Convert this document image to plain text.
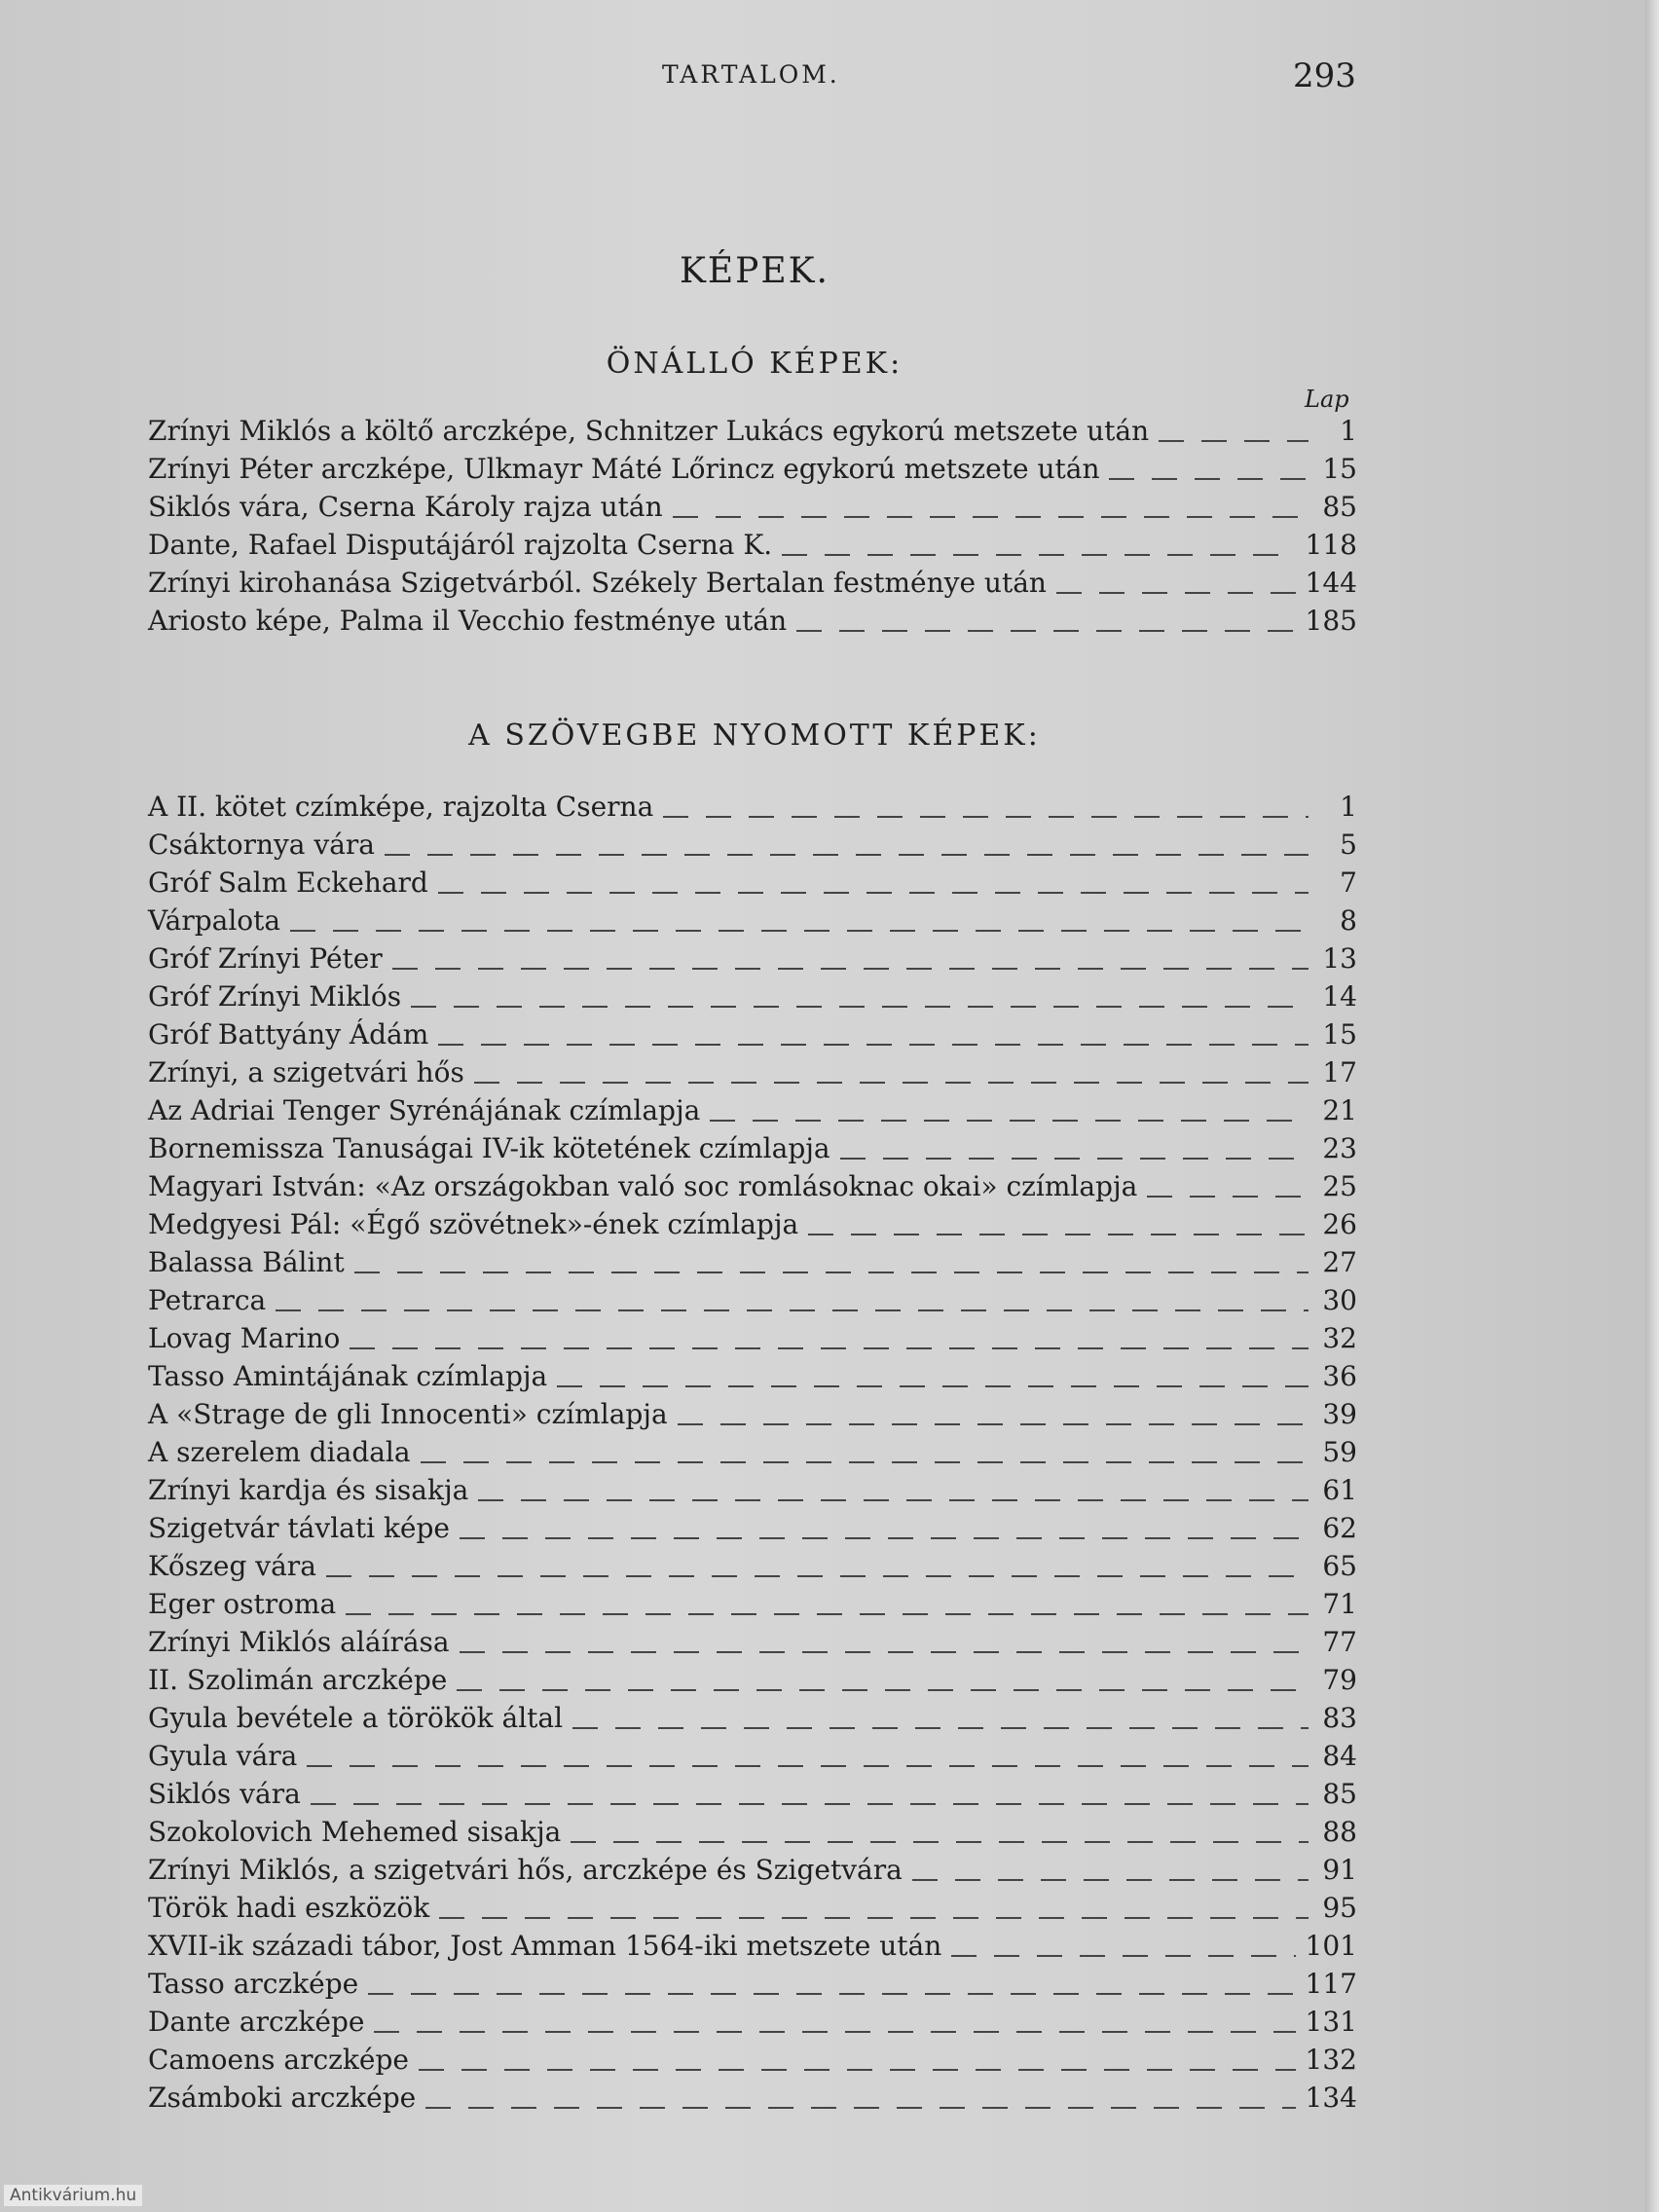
TARTALOM.	293
KÉPEK.
ÖNÁLLÓ KÉPEK:
Lap
Zrínyi Miklós a költő arczképe, Schnitzer Lukács egykorú metszete után	1
Zrínyi Péter arczképe, Ulkmayr Máté Lőrincz egykorú metszete után	15
Siklós vára, Cserna Károly rajza után	85
Dante, Rafael Disputájáról rajzolta Cserna K.	118
Zrínyi kirohanása Szigetvárból. Székely Bertalan festménye után	144
Ariosto képe, Palma il Vecchio festménye után	185
A SZÖVEGBE NYOMOTT KÉPEK:
A II. kötet czímképe, rajzolta Cserna	1
Csáktornya vára	5
Gróf Salm Eckehard	7
Várpalota	8
Gróf Zrínyi Péter	13
Gróf Zrínyi Miklós	14
Gróf Battyány Ádám	15
Zrínyi, a szigetvári hős	17
Az Adriai Tenger Syrénájának czímlapja	21
Bornemissza Tanuságai IV-ik kötetének czímlapja	23
Magyari István: «Az országokban való soc romlásoknac okai» czímlapja	25
Medgyesi Pál: «Égő szövétnek»-ének czímlapja	26
Balassa Bálint	27
Petrarca	30
Lovag Marino	32
Tasso Amintájának czímlapja	36
A «Strage de gli Innocenti» czímlapja	39
A szerelem diadala	59
Zrínyi kardja és sisakja	61
Szigetvár távlati képe	62
Kőszeg vára	65
Eger ostroma	71
Zrínyi Miklós aláírása	77
II. Szolimán arczképe	79
Gyula bevétele a törökök által	83
Gyula vára	84
Siklós vára	85
Szokolovich Mehemed sisakja	88
Zrínyi Miklós, a szigetvári hős, arczképe és Szigetvára	91
Török hadi eszközök	95
XVII-ik századi tábor, Jost Amman 1564-iki metszete után	101
Tasso arczképe	117
Dante arczképe	131
Camoens arczképe	132
Zsámboki arczképe	134
Antikvárium.hu
